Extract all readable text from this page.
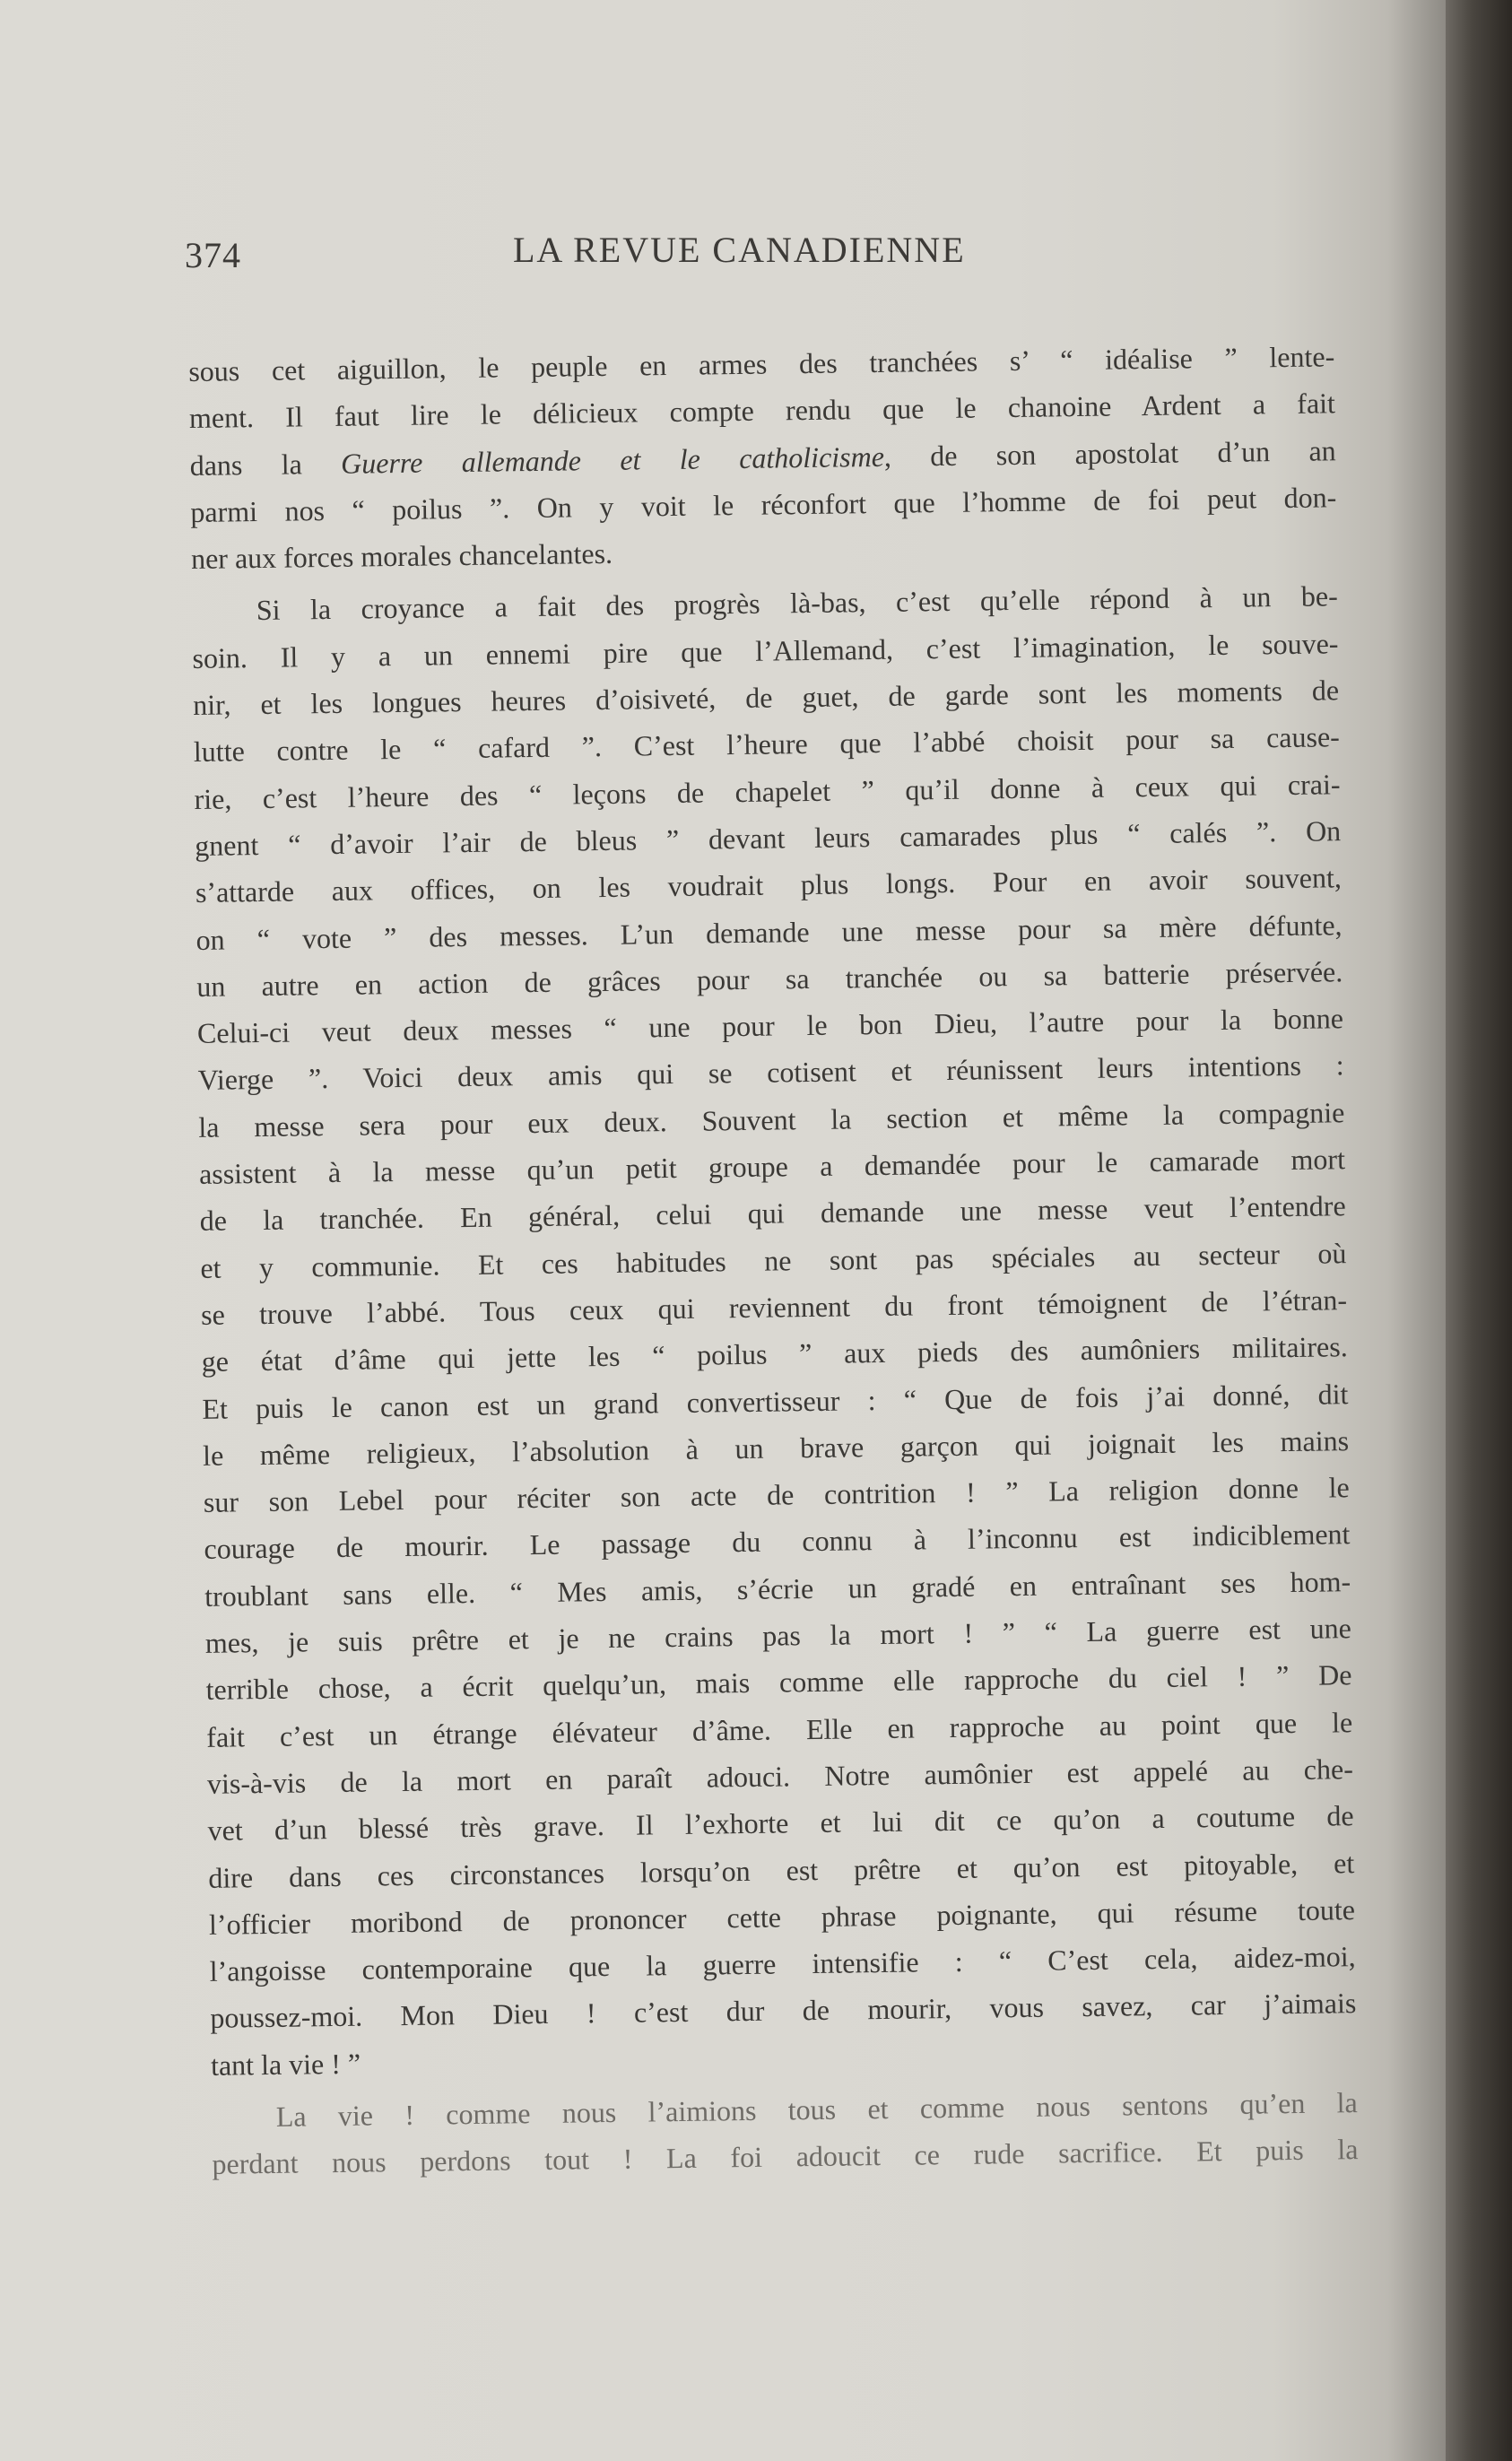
374	LA REVUE CANADIENNE
sous cet aiguillon, le peuple en armes des tranchées s’ “ idéalise ” lente-
ment. Il faut lire le délicieux compte rendu que le chanoine Ardent a fait
dans la Guerre allemande et le catholicisme, de son apostolat d’un an
parmi nos “ poilus ”. On y voit le réconfort que l’homme de foi peut don-
ner aux forces morales chancelantes.
Si la croyance a fait des progrès là-bas, c’est qu’elle répond à un be-
soin. Il y a un ennemi pire que l’Allemand, c’est l’imagination, le souve-
nir, et les longues heures d’oisiveté, de guet, de garde sont les moments de
lutte contre le “ cafard ”. C’est l’heure que l’abbé choisit pour sa cause-
rie, c’est l’heure des “ leçons de chapelet ” qu’il donne à ceux qui crai-
gnent “ d’avoir l’air de bleus ” devant leurs camarades plus “ calés ”. On
s’attarde aux offices, on les voudrait plus longs. Pour en avoir souvent,
on “ vote ” des messes. L’un demande une messe pour sa mère défunte,
un autre en action de grâces pour sa tranchée ou sa batterie préservée.
Celui-ci veut deux messes “ une pour le bon Dieu, l’autre pour la bonne
Vierge ”. Voici deux amis qui se cotisent et réunissent leurs intentions :
la messe sera pour eux deux. Souvent la section et même la compagnie
assistent à la messe qu’un petit groupe a demandée pour le camarade mort
de la tranchée. En général, celui qui demande une messe veut l’entendre
et y communie. Et ces habitudes ne sont pas spéciales au secteur où
se trouve l’abbé. Tous ceux qui reviennent du front témoignent de l’étran-
ge état d’âme qui jette les “ poilus ” aux pieds des aumôniers militaires.
Et puis le canon est un grand convertisseur : “ Que de fois j’ai donné, dit
le même religieux, l’absolution à un brave garçon qui joignait les mains
sur son Lebel pour réciter son acte de contrition ! ” La religion donne le
courage de mourir. Le passage du connu à l’inconnu est indiciblement
troublant sans elle. “ Mes amis, s’écrie un gradé en entraînant ses hom-
mes, je suis prêtre et je ne crains pas la mort ! ” “ La guerre est une
terrible chose, a écrit quelqu’un, mais comme elle rapproche du ciel ! ” De
fait c’est un étrange élévateur d’âme. Elle en rapproche au point que le
vis-à-vis de la mort en paraît adouci. Notre aumônier est appelé au che-
vet d’un blessé très grave. Il l’exhorte et lui dit ce qu’on a coutume de
dire dans ces circonstances lorsqu’on est prêtre et qu’on est pitoyable, et
l’officier moribond de prononcer cette phrase poignante, qui résume toute
l’angoisse contemporaine que la guerre intensifie : “ C’est cela, aidez-moi,
poussez-moi. Mon Dieu ! c’est dur de mourir, vous savez, car j’aimais
tant la vie ! ”
La vie ! comme nous l’aimions tous et comme nous sentons qu’en la
perdant nous perdons tout ! La foi adoucit ce rude sacrifice. Et puis la
